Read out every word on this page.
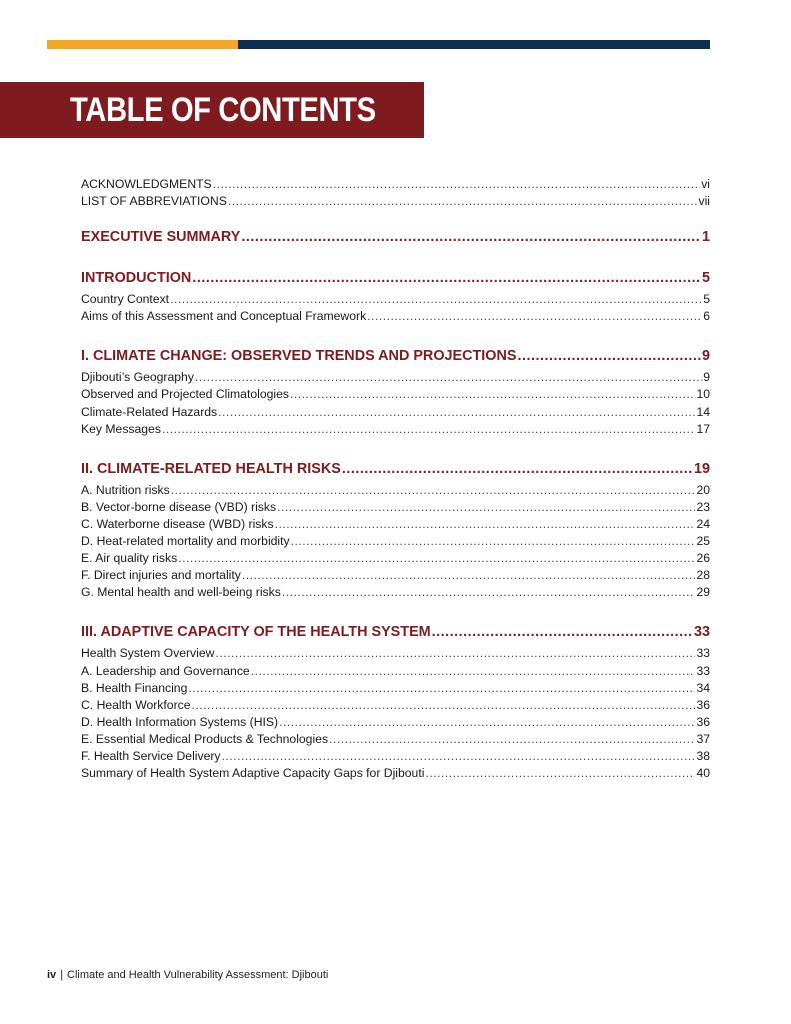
TABLE OF CONTENTS
ACKNOWLEDGMENTS .....	vi
LIST OF ABBREVIATIONS .....	vii
EXECUTIVE SUMMARY .....	1
INTRODUCTION .....	5
Country Context .....	5
Aims of this Assessment and Conceptual Framework .....	6
I. CLIMATE CHANGE: OBSERVED TRENDS AND PROJECTIONS .....	9
Djibouti’s Geography .....	9
Observed and Projected Climatologies .....	10
Climate-Related Hazards .....	14
Key Messages .....	17
II. CLIMATE-RELATED HEALTH RISKS .....	19
A. Nutrition risks .....	20
B. Vector-borne disease (VBD) risks .....	23
C. Waterborne disease (WBD) risks .....	24
D. Heat-related mortality and morbidity .....	25
E. Air quality risks .....	26
F. Direct injuries and mortality .....	28
G. Mental health and well-being risks .....	29
III. ADAPTIVE CAPACITY OF THE HEALTH SYSTEM .....	33
Health System Overview .....	33
A. Leadership and Governance .....	33
B. Health Financing .....	34
C. Health Workforce .....	36
D. Health Information Systems (HIS) .....	36
E. Essential Medical Products & Technologies .....	37
F. Health Service Delivery .....	38
Summary of Health System Adaptive Capacity Gaps for Djibouti .....	40
iv | Climate and Health Vulnerability Assessment: Djibouti
